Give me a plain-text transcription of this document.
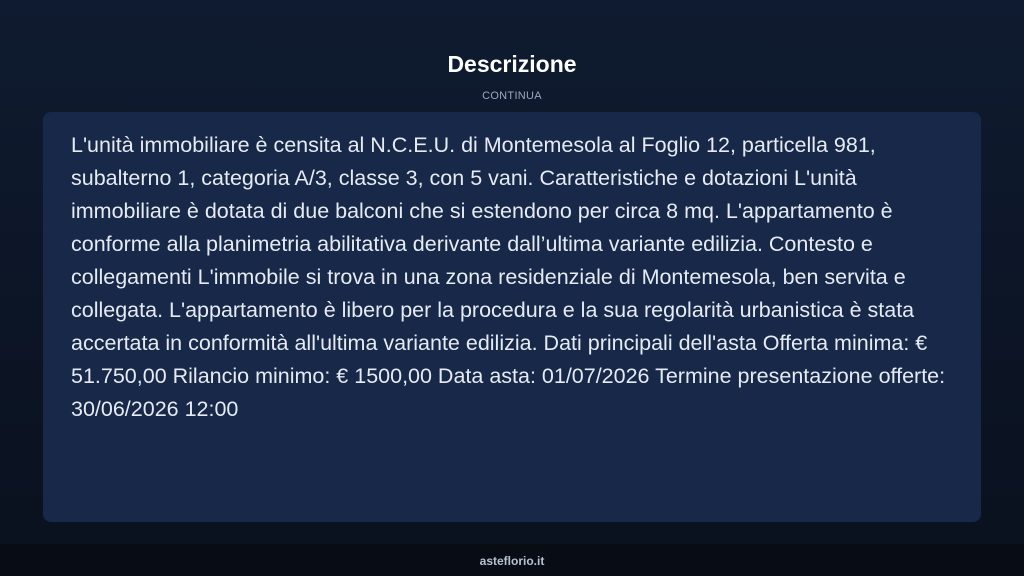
Descrizione
CONTINUA

L'unità immobiliare è censita al N.C.E.U. di Montemesola al Foglio 12, particella 981, subalterno 1, categoria A/3, classe 3, con 5 vani. Caratteristiche e dotazioni L'unità immobiliare è dotata di due balconi che si estendono per circa 8 mq. L'appartamento è conforme alla planimetria abilitativa derivante dall’ultima variante edilizia. Contesto e collegamenti L'immobile si trova in una zona residenziale di Montemesola, ben servita e collegata. L'appartamento è libero per la procedura e la sua regolarità urbanistica è stata accertata in conformità all'ultima variante edilizia. Dati principali dell'asta Offerta minima: € 51.750,00 Rilancio minimo: € 1500,00 Data asta: 01/07/2026 Termine presentazione offerte: 30/06/2026 12:00

asteflorio.it
